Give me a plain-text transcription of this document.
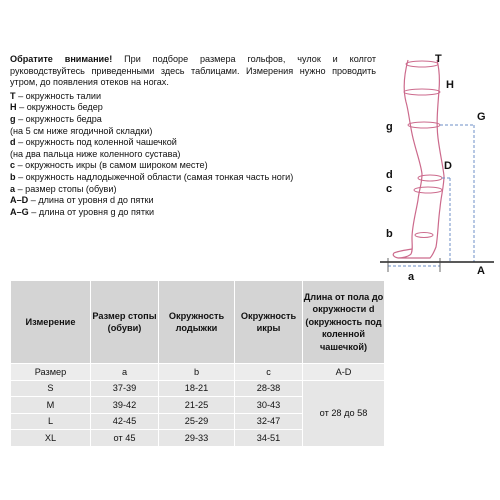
Обратите внимание! При подборе размера гольфов, чулок и колгот руководствуйтесь приведенными здесь таблицами. Измерения нужно проводить утром, до появления отеков на ногах.

T – окружность талии

H – окружность бедер

g – окружность бедра

(на 5 см ниже ягодичной складки)

d – окружность под коленной чашечкой

(на два пальца ниже коленного сустава)

c – окружность икры (в самом широком месте)

b – окружность надлодыжечной области (самая тонкая часть ноги)

a – размер стопы (обуви)

A–D – длина от уровня d до пятки

A–G – длина от уровня g до пятки

T
H
G
g
D
d
c
b
a	A
Измерение	Размер стопы (обуви)	Окружность лодыжки	Окружность икры	Длина от пола до окружности d (окружность под коленной чашечкой)
Размер	a	b	c	A-D
S	37-39	18-21	28-38	от 28 до 58
M	39-42	21-25	30-43	
L	42-45	25-29	32-47	
XL	от 45	29-33	34-51	
